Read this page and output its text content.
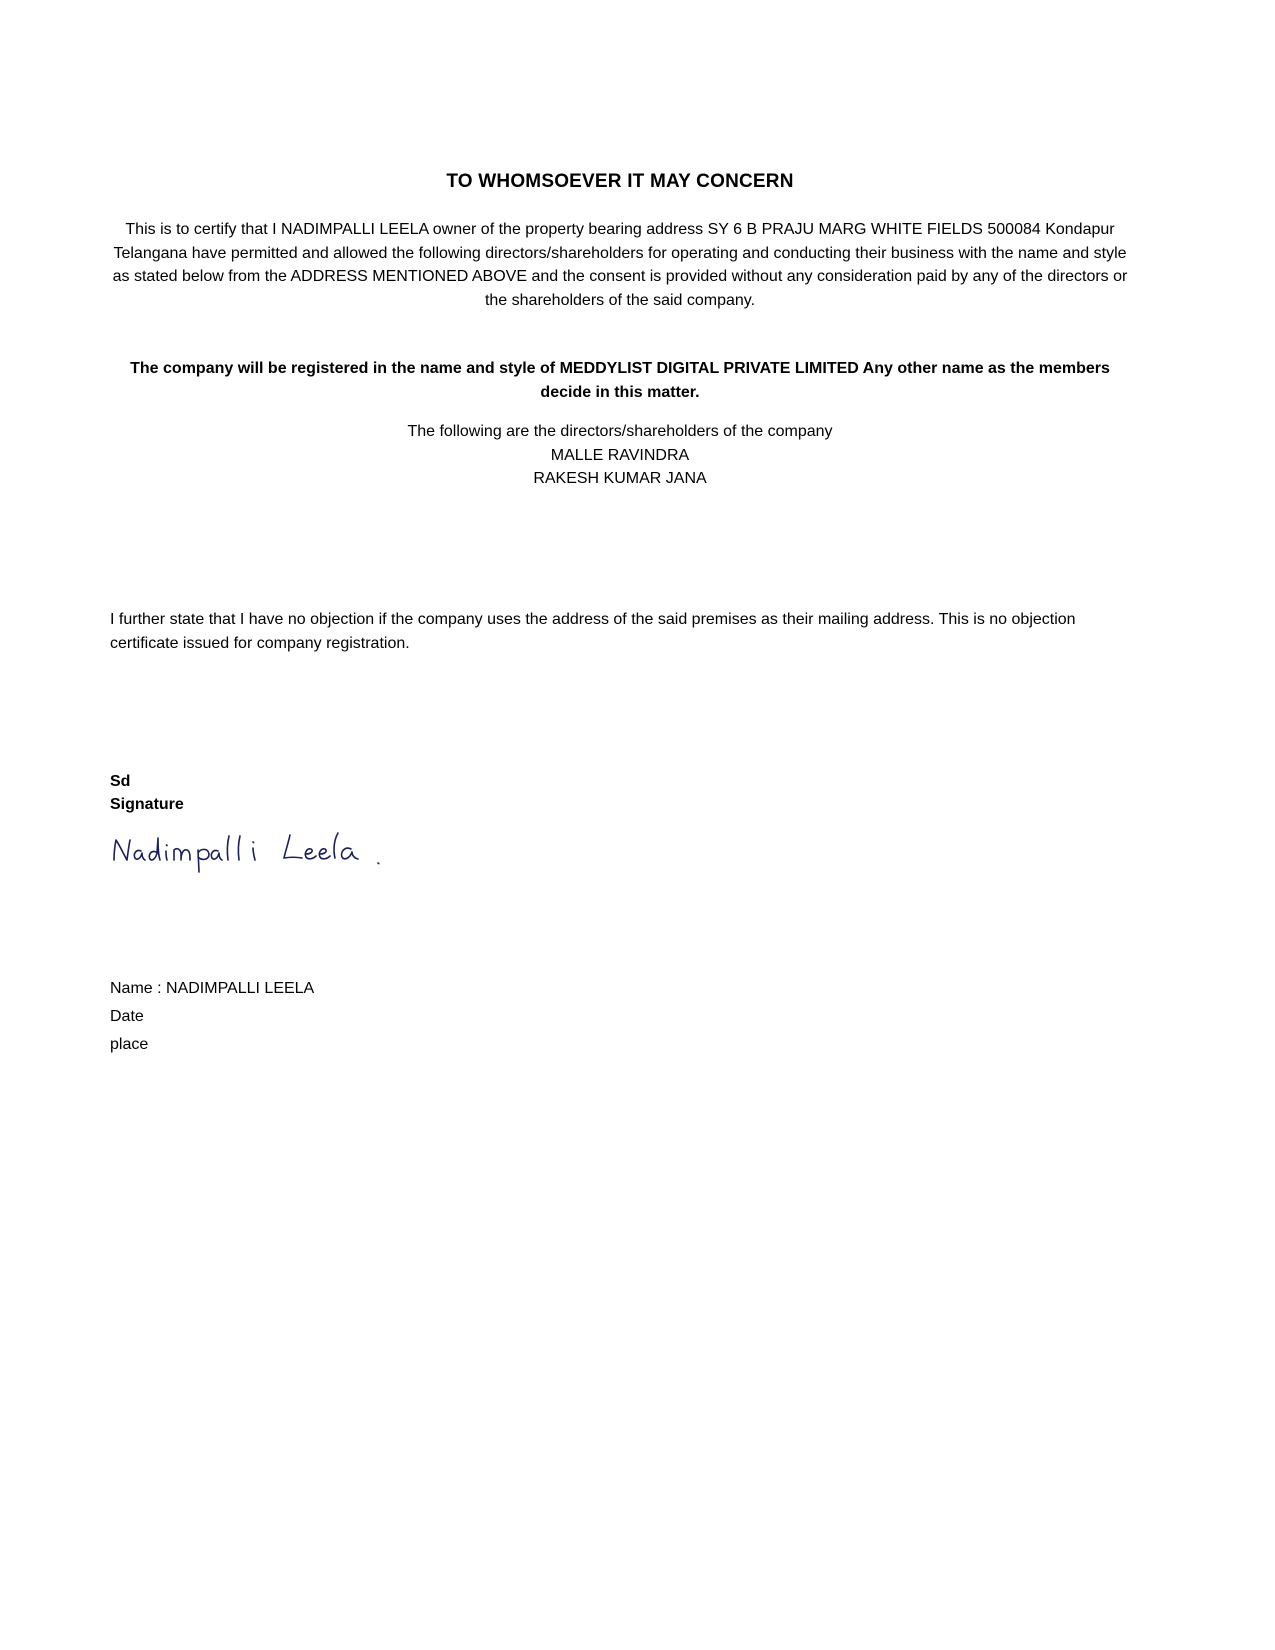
TO WHOMSOEVER IT MAY CONCERN
This is to certify that I NADIMPALLI LEELA owner of the property bearing address SY 6 B PRAJU MARG WHITE FIELDS 500084 Kondapur Telangana have permitted and allowed the following directors/shareholders for operating and conducting their business with the name and style as stated below from the ADDRESS MENTIONED ABOVE and the consent is provided without any consideration paid by any of the directors or the shareholders of the said company.
The company will be registered in the name and style of MEDDYLIST DIGITAL PRIVATE LIMITED Any other name as the members decide in this matter.
The following are the directors/shareholders of the company
MALLE RAVINDRA
RAKESH KUMAR JANA
I further state that I have no objection if the company uses the address of the said premises as their mailing address. This is no objection certificate issued for company registration.
Sd
Signature
Name : NADIMPALLI LEELA
Date
place
